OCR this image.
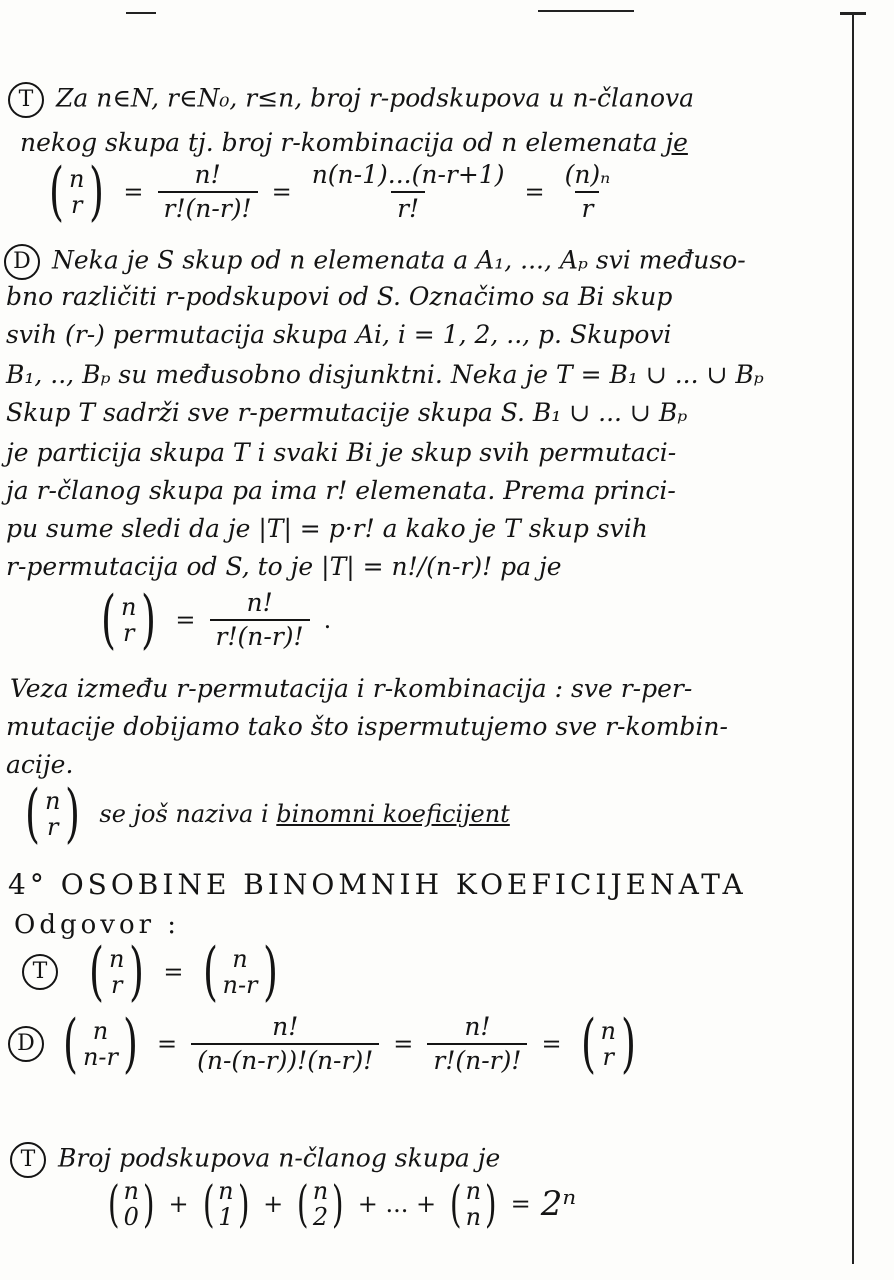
T Za n∈N, r∈N₀, r≤n, broj r-podskupova u n-članova
nekog skupa tj. broj r-kombinacija od n elemenata je
( n
r ) = $\frac{n!}{r!(n-r)!} = \frac{n(n-1)...(n-r+1)}{r!} = \frac{\text{(n)ₙ}}{r}$
D Neka je S skup od n elemenata a A₁, ..., Aₚ svi međuso-
bno različiti r-podskupovi od S. Označimo sa Bi skup
svih (r-) permutacija skupa Ai, i = 1, 2, .., p. Skupovi
B₁, .., Bₚ su međusobno disjunktni. Neka je T = B₁ ∪ ... ∪ Bₚ
Skup T sadrži sve r-permutacije skupa S. B₁ ∪ ... ∪ Bₚ
je particija skupa T i svaki Bi je skup svih permutaci-
ja r-članog skupa pa ima r! elemenata. Prema princi-
pu sume sledi da je |T| = p·r! a kako je T skup svih
r-permutacija od S, to je |T| = n!/(n-r)! pa je
( n
r ) = $\frac{n!}{r!(n-r)!}$ .
Veza između r-permutacija i r-kombinacija : sve r-per-
mutacije dobijamo tako što ispermutujemo sve r-kombin-
acije.
( n
r ) se još naziva i binomni koeficijent
4° OSOBINE BINOMNIH KOEFICIJENATA
Odgovor :
T ( n
r ) = ( n
n-r )
D ( n
n-r ) = $\frac{n!}{(n-(n-r))!(n-r)!} = \frac{n!}{r!(n-r)!}$ = ( n
r )
T Broj podskupova n-članog skupa je
( n
0 ) + ( n
1 ) + ( n
2 ) + ... + ( n
n ) = 2ⁿ
